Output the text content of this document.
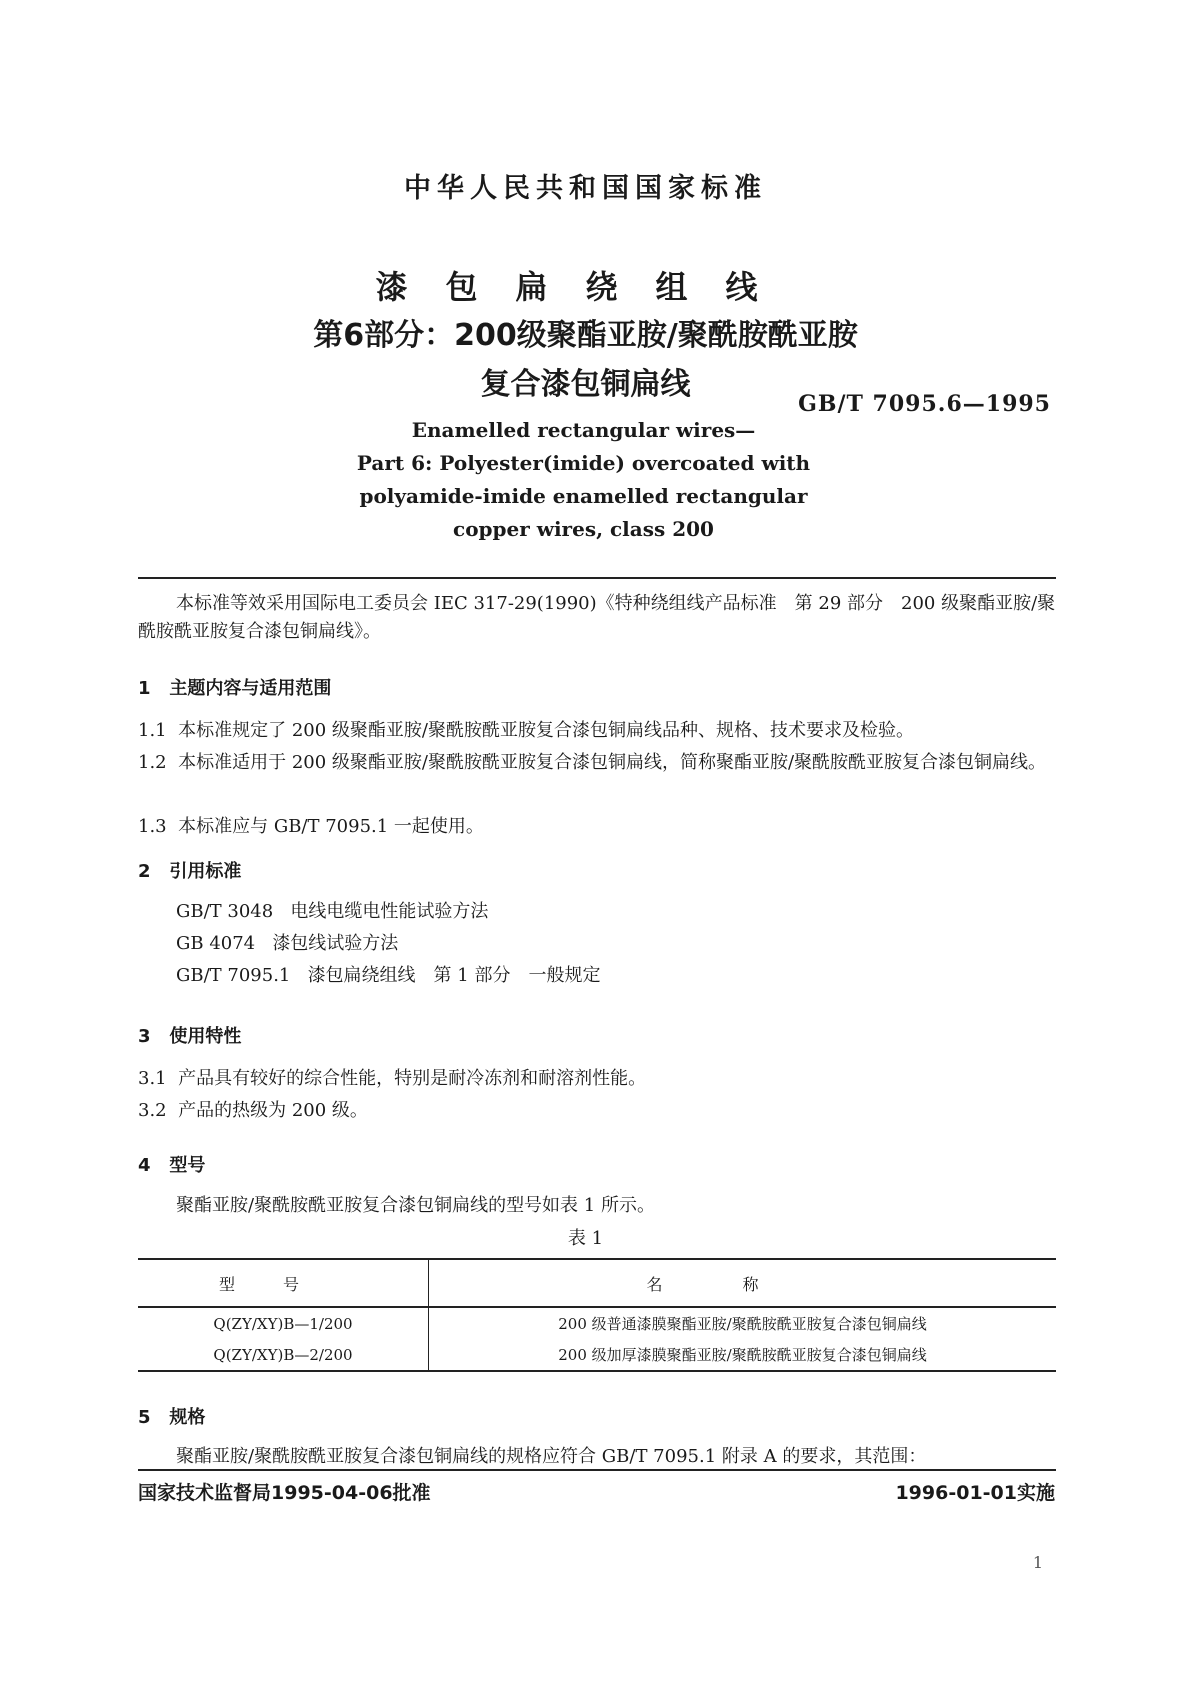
中华人民共和国国家标准
漆包扁绕组线
第6部分：200级聚酯亚胺/聚酰胺酰亚胺
复合漆包铜扁线
GB/T 7095.6—1995
Enamelled rectangular wires—
Part 6: Polyester(imide) overcoated with
polyamide-imide enamelled rectangular
copper wires, class 200
本标准等效采用国际电工委员会 IEC 317-29(1990)《特种绕组线产品标准　第 29 部分　200 级聚酯亚胺/聚酰胺酰亚胺复合漆包铜扁线》。
1 主题内容与适用范围
1.1 本标准规定了 200 级聚酯亚胺/聚酰胺酰亚胺复合漆包铜扁线品种、规格、技术要求及检验。
1.2 本标准适用于 200 级聚酯亚胺/聚酰胺酰亚胺复合漆包铜扁线，简称聚酯亚胺/聚酰胺酰亚胺复合漆包铜扁线。
1.3 本标准应与 GB/T 7095.1 一起使用。
2 引用标准
GB/T 3048 电线电缆电性能试验方法
GB 4074 漆包线试验方法
GB/T 7095.1 漆包扁绕组线　第 1 部分　一般规定
3 使用特性
3.1 产品具有较好的综合性能，特别是耐冷冻剂和耐溶剂性能。
3.2 产品的热级为 200 级。
4 型号
聚酯亚胺/聚酰胺酰亚胺复合漆包铜扁线的型号如表 1 所示。
表 1
型号	名称
Q(ZY/XY)B—1/200	200 级普通漆膜聚酯亚胺/聚酰胺酰亚胺复合漆包铜扁线
Q(ZY/XY)B—2/200	200 级加厚漆膜聚酯亚胺/聚酰胺酰亚胺复合漆包铜扁线
5 规格
聚酯亚胺/聚酰胺酰亚胺复合漆包铜扁线的规格应符合 GB/T 7095.1 附录 A 的要求，其范围：
国家技术监督局1995-04-06批准	1996-01-01实施
1
